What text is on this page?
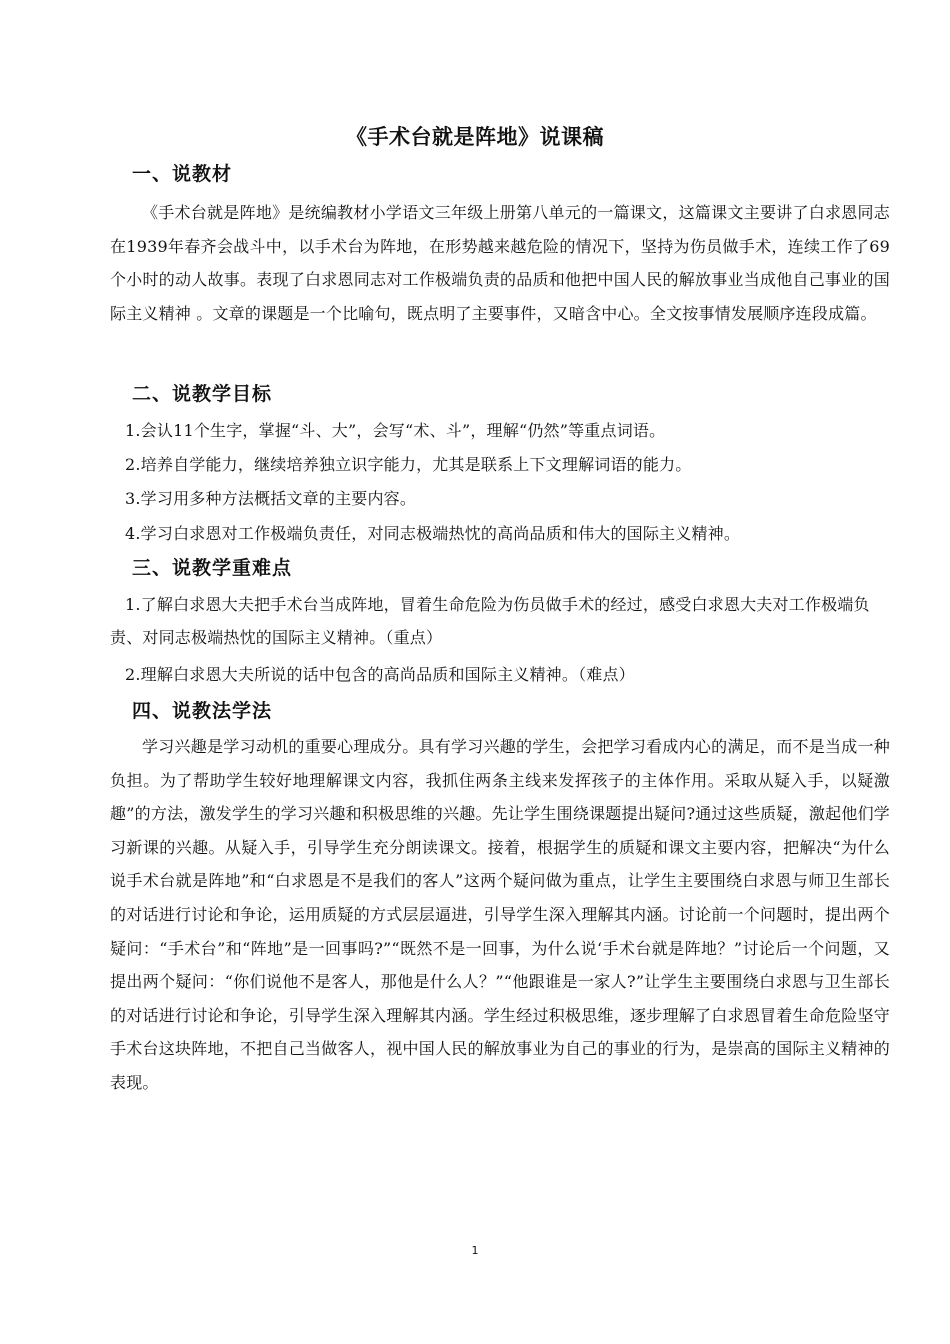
《手术台就是阵地》说课稿
一、说教材

《手术台就是阵地》是统编教材小学语文三年级上册第八单元的一篇课文，这篇课文主要讲了白求恩同志在1939年春齐会战斗中，以手术台为阵地，在形势越来越危险的情况下，坚持为伤员做手术，连续工作了69个小时的动人故事。表现了白求恩同志对工作极端负责的品质和他把中国人民的解放事业当成他自己事业的国际主义精神 。文章的课题是一个比喻句，既点明了主要事件，又暗含中心。全文按事情发展顺序连段成篇。

二、说教学目标

1.会认11个生字，掌握“斗、大”，会写“术、斗”，理解“仍然”等重点词语。

2.培养自学能力，继续培养独立识字能力，尤其是联系上下文理解词语的能力。

3.学习用多种方法概括文章的主要内容。

4.学习白求恩对工作极端负责任，对同志极端热忱的高尚品质和伟大的国际主义精神。

三、说教学重难点

1.了解白求恩大夫把手术台当成阵地，冒着生命危险为伤员做手术的经过，感受白求恩大夫对工作极端负责、对同志极端热忱的国际主义精神。（重点）

2.理解白求恩大夫所说的话中包含的高尚品质和国际主义精神。（难点）

四、说教法学法

学习兴趣是学习动机的重要心理成分。具有学习兴趣的学生，会把学习看成内心的满足，而不是当成一种负担。为了帮助学生较好地理解课文内容，我抓住两条主线来发挥孩子的主体作用。采取从疑入手，以疑激趣”的方法，激发学生的学习兴趣和积极思维的兴趣。先让学生围绕课题提出疑问?通过这些质疑，激起他们学习新课的兴趣。从疑入手，引导学生充分朗读课文。接着，根据学生的质疑和课文主要内容，把解决“为什么说手术台就是阵地”和“白求恩是不是我们的客人”这两个疑问做为重点，让学生主要围绕白求恩与师卫生部长的对话进行讨论和争论，运用质疑的方式层层逼进，引导学生深入理解其内涵。讨论前一个问题时，提出两个疑问：“手术台”和“阵地”是一回事吗?”“既然不是一回事，为什么说‘手术台就是阵地？”讨论后一个问题，又提出两个疑问：“你们说他不是客人，那他是什么人？”“他跟谁是一家人?”让学生主要围绕白求恩与卫生部长的对话进行讨论和争论，引导学生深入理解其内涵。学生经过积极思维，逐步理解了白求恩冒着生命危险坚守手术台这块阵地，不把自己当做客人，视中国人民的解放事业为自己的事业的行为，是崇高的国际主义精神的表现。

1
